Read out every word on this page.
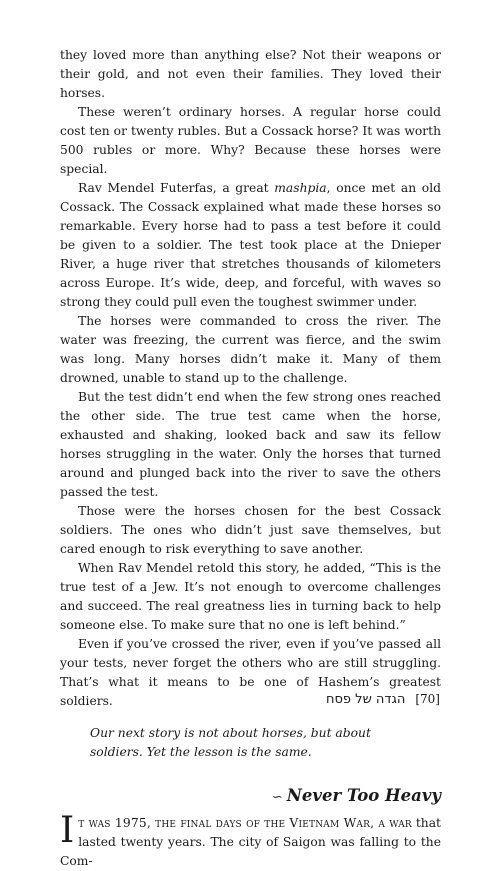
they loved more than anything else? Not their weapons or their gold, and not even their families. They loved their horses.

These weren’t ordinary horses. A regular horse could cost ten or twenty rubles. But a Cossack horse? It was worth 500 rubles or more. Why? Because these horses were special.

Rav Mendel Futerfas, a great mashpia, once met an old Cossack. The Cossack explained what made these horses so remarkable. Every horse had to pass a test before it could be given to a soldier. The test took place at the Dnieper River, a huge river that stretches thousands of kilometers across Europe. It’s wide, deep, and forceful, with waves so strong they could pull even the toughest swimmer under.

The horses were commanded to cross the river. The water was freezing, the current was fierce, and the swim was long. Many horses didn’t make it. Many of them drowned, unable to stand up to the challenge.

But the test didn’t end when the few strong ones reached the other side. The true test came when the horse, exhausted and shaking, looked back and saw its fellow horses struggling in the water. Only the horses that turned around and plunged back into the river to save the others passed the test.

Those were the horses chosen for the best Cossack soldiers. The ones who didn’t just save themselves, but cared enough to risk everything to save another.

When Rav Mendel retold this story, he added, “This is the true test of a Jew. It’s not enough to overcome challenges and succeed. The real greatness lies in turning back to help someone else. To make sure that no one is left behind.”

Even if you’ve crossed the river, even if you’ve passed all your tests, never forget the others who are still struggling. That’s what it means to be one of Hashem’s greatest soldiers.

Our next story is not about horses, but about soldiers. Yet the lesson is the same.

∽ Never Too Heavy

It was 1975, the final days of the Vietnam War, a war that lasted twenty years. The city of Saigon was falling to the Com-

הגדה של פסח [70]
